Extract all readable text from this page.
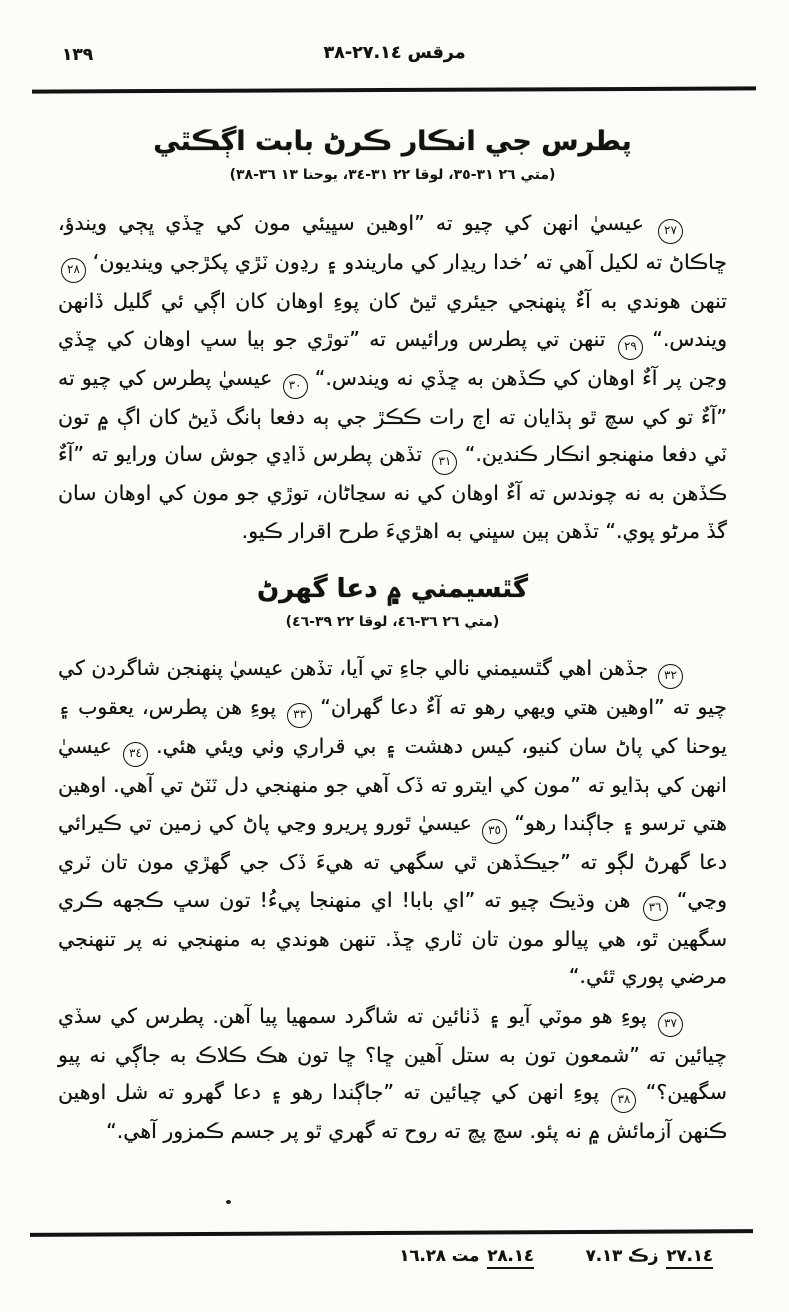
١٣٩	مرقس ١٤‏.‏٢٧-٣٨
پطرس جي انڪار ڪرڻ بابت اڳڪٿي
(متي ٢٦ ٣١-٣٥، لوقا ٢٢ ٣١-٣٤، يوحنا ١٣ ٣٦-٣٨)

٢٧ عيسيٰ انهن کي چيو ته ”اوهين سڀيئي مون کي ڇڏي ڀڄي ويندؤ، ڇاڪاڻ ته لکيل آهي ته ’خدا ريڍار کي ماريندو ۽ رڍون ٽڙي پکڙجي وينديون‘ ٢٨ تنهن هوندي به آءٌ پنهنجي جيئري ٿيڻ کان پوءِ اوهان کان اڳي ئي گليل ڏانهن ويندس.“ ٢٩ تنهن تي پطرس ورائيس ته ”توڙي جو ٻيا سڀ اوهان کي ڇڏي وڃن پر آءٌ اوهان کي ڪڏهن به ڇڏي نه ويندس.“ ٣٠ عيسيٰ پطرس کي چيو ته ”آءٌ تو کي سچ ٿو ٻڌايان ته اڄ رات ڪڪڙ جي ٻه دفعا ٻانگ ڏيڻ کان اڳ ۾ تون ٽي دفعا منهنجو انڪار ڪندين.“ ٣١ تڏهن پطرس ڏاڍي جوش سان ورايو ته ”آءٌ ڪڏهن به نه چوندس ته آءٌ اوهان کي نه سڃاڻان، توڙي جو مون کي اوهان سان گڏ مرڻو پوي.“ تڏهن ٻين سڀني به اهڙيءَ طرح اقرار ڪيو.

گٿسيمني ۾ دعا گهرڻ
(متي ٢٦ ٣٦-٤٦، لوقا ٢٢ ٣٩-٤٦)

٣٢ جڏهن اهي گٿسيمني نالي جاءِ تي آيا، تڏهن عيسيٰ پنهنجن شاگردن کي چيو ته ”اوهين هتي ويهي رهو ته آءٌ دعا گهران“ ٣٣ پوءِ هن پطرس، يعقوب ۽ يوحنا کي پاڻ سان کنيو، کيس دهشت ۽ بي قراري وٺي ويئي هئي. ٣٤ عيسيٰ انهن کي ٻڌايو ته ”مون کي ايترو ته ڏک آهي جو منهنجي دل ٽٽڻ تي آهي. اوهين هتي ترسو ۽ جاڳندا رهو“ ٣٥ عيسيٰ ٿورو پريرو وڃي پاڻ کي زمين تي ڪيرائي دعا گهرڻ لڳو ته ”جيڪڏهن ٿي سگهي ته هيءَ ڏک جي گهڙي مون تان ٽري وڃي“ ٣٦ هن وڌيڪ چيو ته ”اي بابا! اي منهنجا پيءُ! تون سڀ ڪجهه ڪري سگهين ٿو، هي پيالو مون تان ٽاري ڇڏ. تنهن هوندي به منهنجي نه پر تنهنجي مرضي پوري ٿئي.“

٣٧ پوءِ هو موٽي آيو ۽ ڏٺائين ته شاگرد سمهيا پيا آهن. پطرس کي سڏي چيائين ته ”شمعون تون به ستل آهين ڇا؟ ڇا تون هڪ ڪلاڪ به جاڳي نه پيو سگهين؟“ ٣٨ پوءِ انهن کي چيائين ته ”جاڳندا رهو ۽ دعا گهرو ته شل اوهين ڪنهن آزمائش ۾ نه پئو. سچ پچ ته روح ته گهري ٿو پر جسم ڪمزور آهي.“

٢٧.١٤زڪ ٧.١٣ ٢٨.١٤مت ١٦.٢٨
